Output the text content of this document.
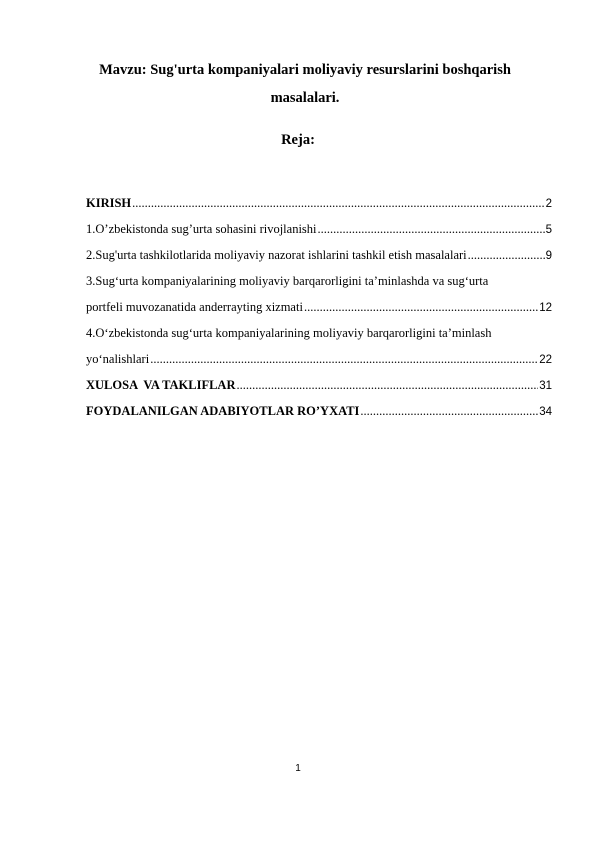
Mavzu: Sug'urta kompaniyalari moliyaviy resurslarini boshqarish
masalalari.
Reja:
KIRISH .....	2
1.O’zbekistonda sug’urta sohasini rivojlanishi .....	5
2.Sug'urta tashkilotlarida moliyaviy nazorat ishlarini tashkil etish masalalari .....	9
3.Sug‘urta kompaniyalarining moliyaviy barqarorligini ta’minlashda va sug‘urta
portfeli muvozanatida anderrayting xizmati .....	12
4.O‘zbekistonda sug‘urta kompaniyalarining moliyaviy barqarorligini ta’minlash
yo‘nalishlari .....	22
XULOSA  VA TAKLIFLAR .....	31
FOYDALANILGAN ADABIYOTLAR RO’YXATI .....	34
1
